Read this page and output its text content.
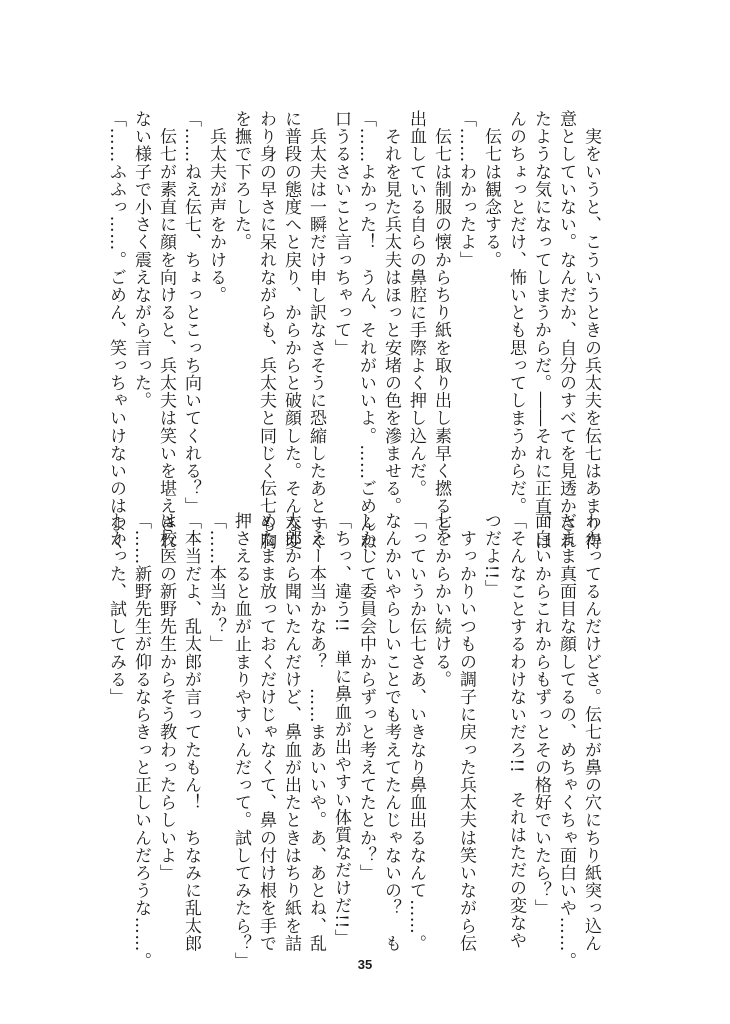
　実をいうと、こういうときの兵太夫を伝七はあまり得
意としていない。なんだか、自分のすべてを見透かされ
たような気になってしまうからだ。――それに正直、ほ
んのちょっとだけ、怖いとも思ってしまうからだ。
　伝七は観念する。
「……わかったよ」
　伝七は制服の懐からちり紙を取り出し素早く撚ると、
出血している自らの鼻腔に手際よく押し込んだ。
　それを見た兵太夫はほっと安堵の色を滲ませる。
「……よかった！　うん、それがいいよ。……ごめんね、
口うるさいこと言っちゃって」
　兵太夫は一瞬だけ申し訳なさそうに恐縮したあとすぐ
に普段の態度へと戻り、からからと破顔した。そんな変
わり身の早さに呆れながらも、兵太夫と同じく伝七も胸
を撫で下ろした。
　兵太夫が声をかける。
「……ねえ伝七、ちょっとこっち向いてくれる？」
　伝七が素直に顔を向けると、兵太夫は笑いを堪えきれ
ない様子で小さく震えながら言った。
「……ふふっ……。ごめん、笑っちゃいけないのはよく
わかってるんだけどさ。伝七が鼻の穴にちり紙突っ込ん
だまま真面目な顔してるの、めちゃくちゃ面白いや……。
面白いからこれからもずっとその格好でいたら？」
「そんなことするわけないだろ!!　それはただの変なや
つだよ!!」
　すっかりいつもの調子に戻った兵太夫は笑いながら伝
七をからかい続ける。
「っていうか伝七さあ、いきなり鼻血出るなんて……。
なんかいやらしいことでも考えてたんじゃないの？　も
しかして委員会中からずっと考えてたとか？」
「ちっ、違う!!　単に鼻血が出やすい体質なだけだ!!」
「えー本当かなあ？　……まあいいや。あ、あとね、乱
太郎から聞いたんだけど、鼻血が出たときはちり紙を詰
めたまま放っておくだけじゃなくて、鼻の付け根を手で
押さえると血が止まりやすいんだって。試してみたら？」
「……本当か？」
「本当だよ、乱太郎が言ってたもん！　ちなみに乱太郎
は校医の新野先生からそう教わったらしいよ」
「……新野先生が仰るならきっと正しいんだろうな……。
わかった、試してみる」
35
